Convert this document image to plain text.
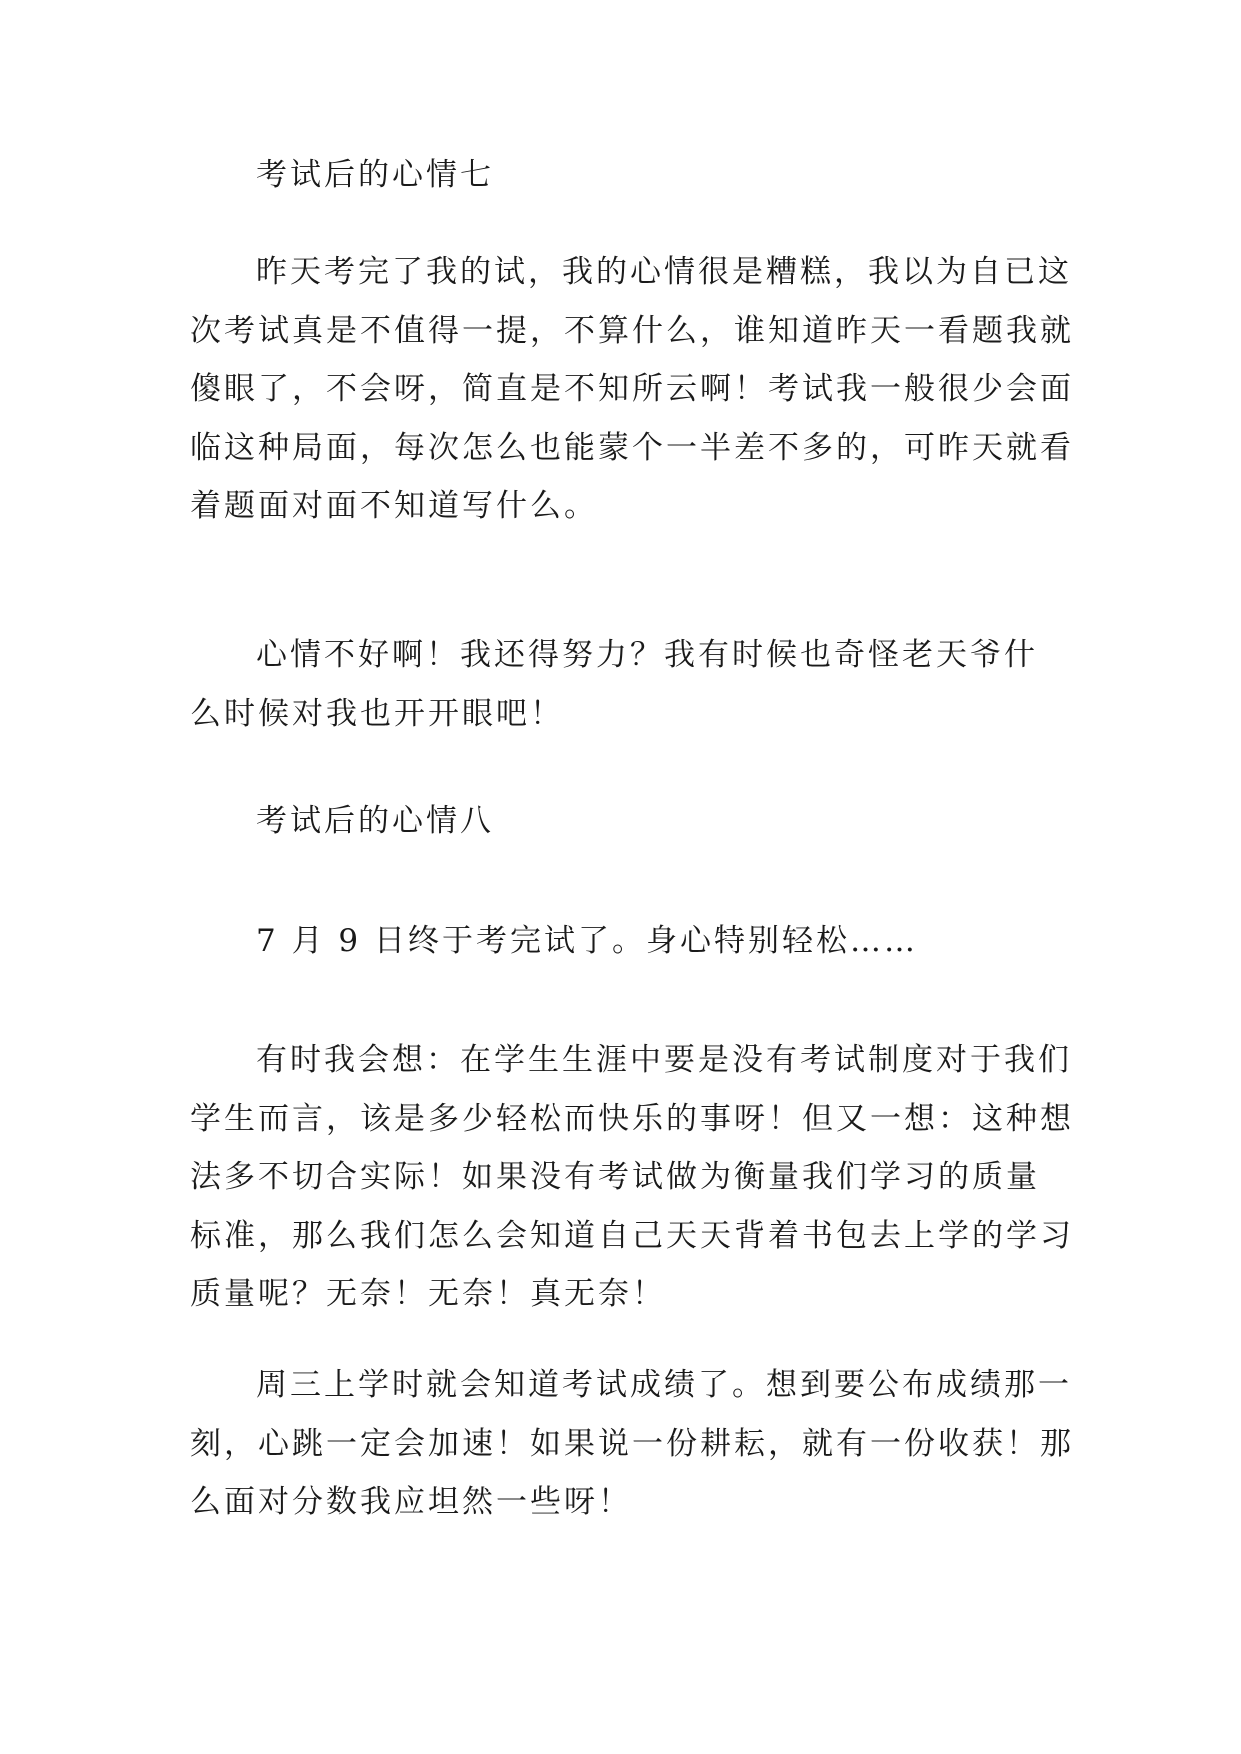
考试后的心情七

昨天考完了我的试，我的心情很是糟糕，我以为自已这
次考试真是不值得一提，不算什么，谁知道昨天一看题我就
傻眼了，不会呀，简直是不知所云啊！考试我一般很少会面
临这种局面，每次怎么也能蒙个一半差不多的，可昨天就看
着题面对面不知道写什么。

心情不好啊！我还得努力？我有时候也奇怪老天爷什
么时候对我也开开眼吧！

考试后的心情八

7 月 9 日终于考完试了。身心特别轻松……

有时我会想：在学生生涯中要是没有考试制度对于我们
学生而言，该是多少轻松而快乐的事呀！但又一想：这种想
法多不切合实际！如果没有考试做为衡量我们学习的质量
标准，那么我们怎么会知道自己天天背着书包去上学的学习
质量呢？无奈！无奈！真无奈！

周三上学时就会知道考试成绩了。想到要公布成绩那一
刻，心跳一定会加速！如果说一份耕耘，就有一份收获！那
么面对分数我应坦然一些呀！
